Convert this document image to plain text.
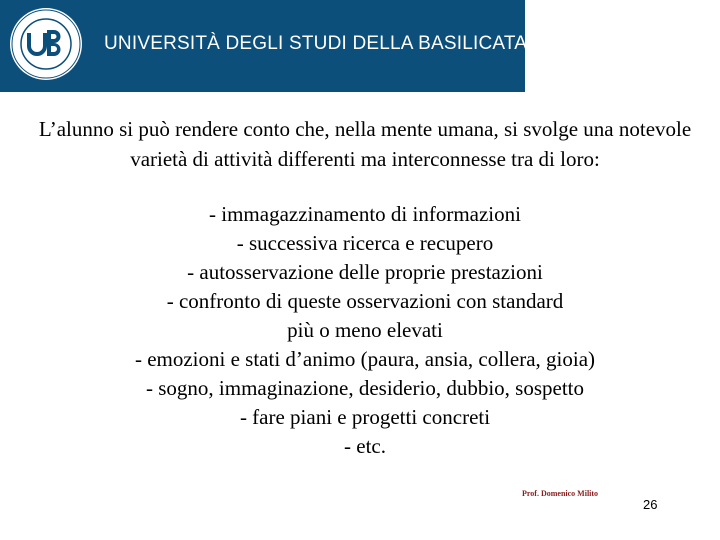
UNIVERSITÀ DEGLI STUDI DELLA BASILICATA
L’alunno si può rendere conto che, nella mente umana, si svolge una notevole varietà di attività differenti ma interconnesse tra di loro:
- immagazzinamento di informazioni
- successiva ricerca e recupero
- autosservazione delle proprie prestazioni
- confronto di queste osservazioni con standard
più o meno elevati
- emozioni e stati d’animo (paura, ansia, collera, gioia)
- sogno, immaginazione, desiderio, dubbio, sospetto
- fare piani e progetti concreti
- etc.
Prof. Domenico Milito
26
